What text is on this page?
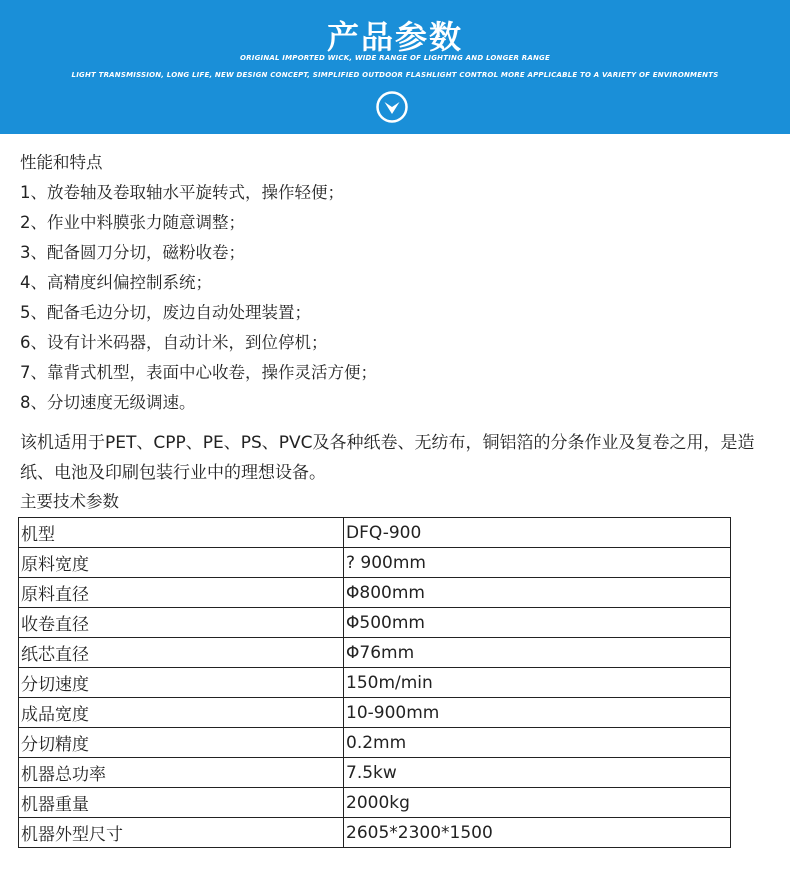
产品参数
ORIGINAL IMPORTED WICK, WIDE RANGE OF LIGHTING AND LONGER RANGE
LIGHT TRANSMISSION, LONG LIFE, NEW DESIGN CONCEPT, SIMPLIFIED OUTDOOR FLASHLIGHT CONTROL MORE APPLICABLE TO A VARIETY OF ENVIRONMENTS
性能和特点
1、放卷轴及卷取轴水平旋转式，操作轻便；
2、作业中料膜张力随意调整；
3、配备圆刀分切，磁粉收卷；
4、高精度纠偏控制系统；
5、配备毛边分切，废边自动处理装置；
6、设有计米码器，自动计米，到位停机；
7、靠背式机型，表面中心收卷，操作灵活方便；
8、分切速度无级调速。
该机适用于PET、CPP、PE、PS、PVC及各种纸卷、无纺布，铜铝箔的分条作业及复卷之用，是造纸、电池及印刷包装行业中的理想设备。
主要技术参数
机型	DFQ-900
原料宽度	? 900mm
原料直径	Φ800mm
收卷直径	Φ500mm
纸芯直径	Φ76mm
分切速度	150m/min
成品宽度	10-900mm
分切精度	0.2mm
机器总功率	7.5kw
机器重量	2000kg
机器外型尺寸	2605*2300*1500
